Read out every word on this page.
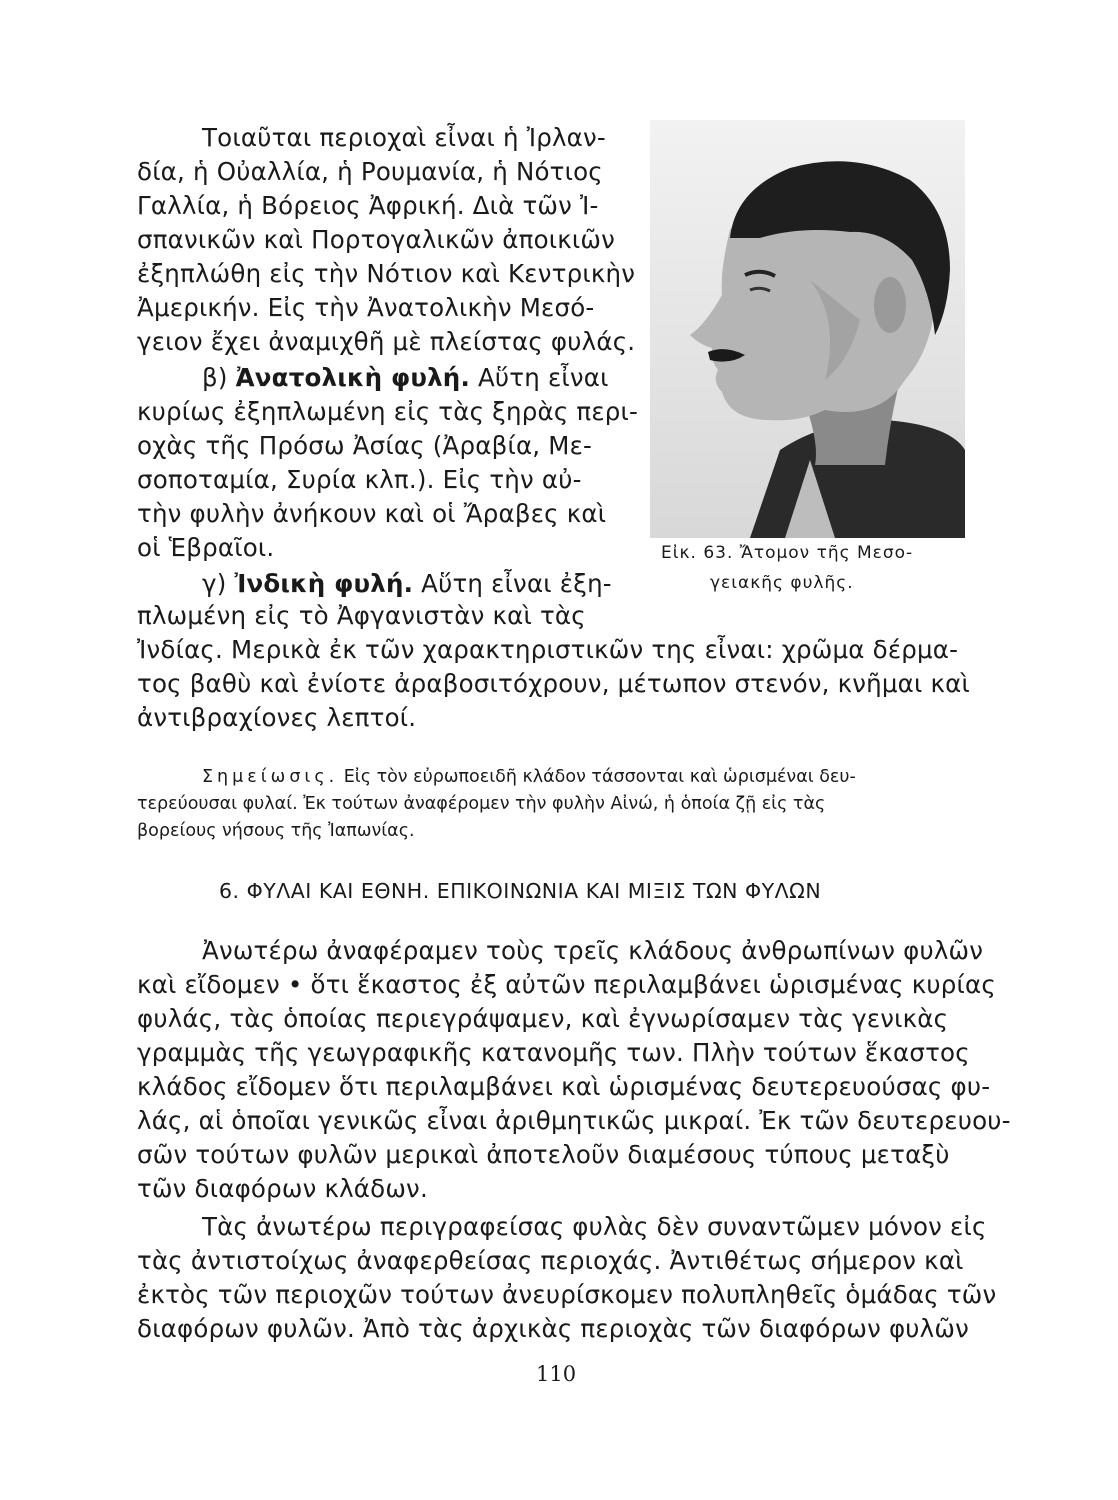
Τοιαῦται περιοχαὶ εἶναι ἡ Ἰρλαν-
δία, ἡ Οὐαλλία, ἡ Ρουμανία, ἡ Νότιος
Γαλλία, ἡ Βόρειος Ἀφρική. Διὰ τῶν Ἰ-
σπανικῶν καὶ Πορτογαλικῶν ἀποικιῶν
ἐξηπλώθη εἰς τὴν Νότιον καὶ Κεντρικὴν
Ἀμερικήν. Εἰς τὴν Ἀνατολικὴν Μεσό-
γειον ἔχει ἀναμιχθῆ μὲ πλείστας φυλάς.
β) Ἀνατολικὴ φυλή. Αὕτη εἶναι
κυρίως ἐξηπλωμένη εἰς τὰς ξηρὰς περι-
οχὰς τῆς Πρόσω Ἀσίας (Ἀραβία, Με-
σοποταμία, Συρία κλπ.). Εἰς τὴν αὐ-
τὴν φυλὴν ἀνήκουν καὶ οἱ Ἄραβες καὶ
οἱ Ἑβραῖοι.
γ) Ἰνδικὴ φυλή. Αὕτη εἶναι ἐξη-
πλωμένη εἰς τὸ Ἀφγανιστὰν καὶ τὰς
Ἰνδίας. Μερικὰ ἐκ τῶν χαρακτηριστικῶν της εἶναι: χρῶμα δέρμα-
τος βαθὺ καὶ ἐνίοτε ἀραβοσιτόχρουν, μέτωπον στενόν, κνῆμαι καὶ
ἀντιβραχίονες λεπτοί.
Εἰκ. 63. Ἄτομον τῆς Μεσο-
γειακῆς φυλῆς.
Σημείωσις. Εἰς τὸν εὐρωποειδῆ κλάδον τάσσονται καὶ ὡρισμέναι δευ-
τερεύουσαι φυλαί. Ἐκ τούτων ἀναφέρομεν τὴν φυλὴν Αἰνώ, ἡ ὁποία ζῇ εἰς τὰς
βορείους νήσους τῆς Ἰαπωνίας.
6. ΦΥΛΑΙ ΚΑΙ ΕΘΝΗ. ΕΠΙΚΟΙΝΩΝΙΑ ΚΑΙ ΜΙΞΙΣ ΤΩΝ ΦΥΛΩΝ
Ἀνωτέρω ἀναφέραμεν τοὺς τρεῖς κλάδους ἀνθρωπίνων φυλῶν
καὶ εἴδομεν • ὅτι ἕκαστος ἐξ αὐτῶν περιλαμβάνει ὡρισμένας κυρίας
φυλάς, τὰς ὁποίας περιεγράψαμεν, καὶ ἐγνωρίσαμεν τὰς γενικὰς
γραμμὰς τῆς γεωγραφικῆς κατανομῆς των. Πλὴν τούτων ἕκαστος
κλάδος εἴδομεν ὅτι περιλαμβάνει καὶ ὡρισμένας δευτερευούσας φυ-
λάς, αἱ ὁποῖαι γενικῶς εἶναι ἀριθμητικῶς μικραί. Ἐκ τῶν δευτερευου-
σῶν τούτων φυλῶν μερικαὶ ἀποτελοῦν διαμέσους τύπους μεταξὺ
τῶν διαφόρων κλάδων.
Τὰς ἀνωτέρω περιγραφείσας φυλὰς δὲν συναντῶμεν μόνον εἰς
τὰς ἀντιστοίχως ἀναφερθείσας περιοχάς. Ἀντιθέτως σήμερον καὶ
ἐκτὸς τῶν περιοχῶν τούτων ἀνευρίσκομεν πολυπληθεῖς ὁμάδας τῶν
διαφόρων φυλῶν. Ἀπὸ τὰς ἀρχικὰς περιοχὰς τῶν διαφόρων φυλῶν
110
